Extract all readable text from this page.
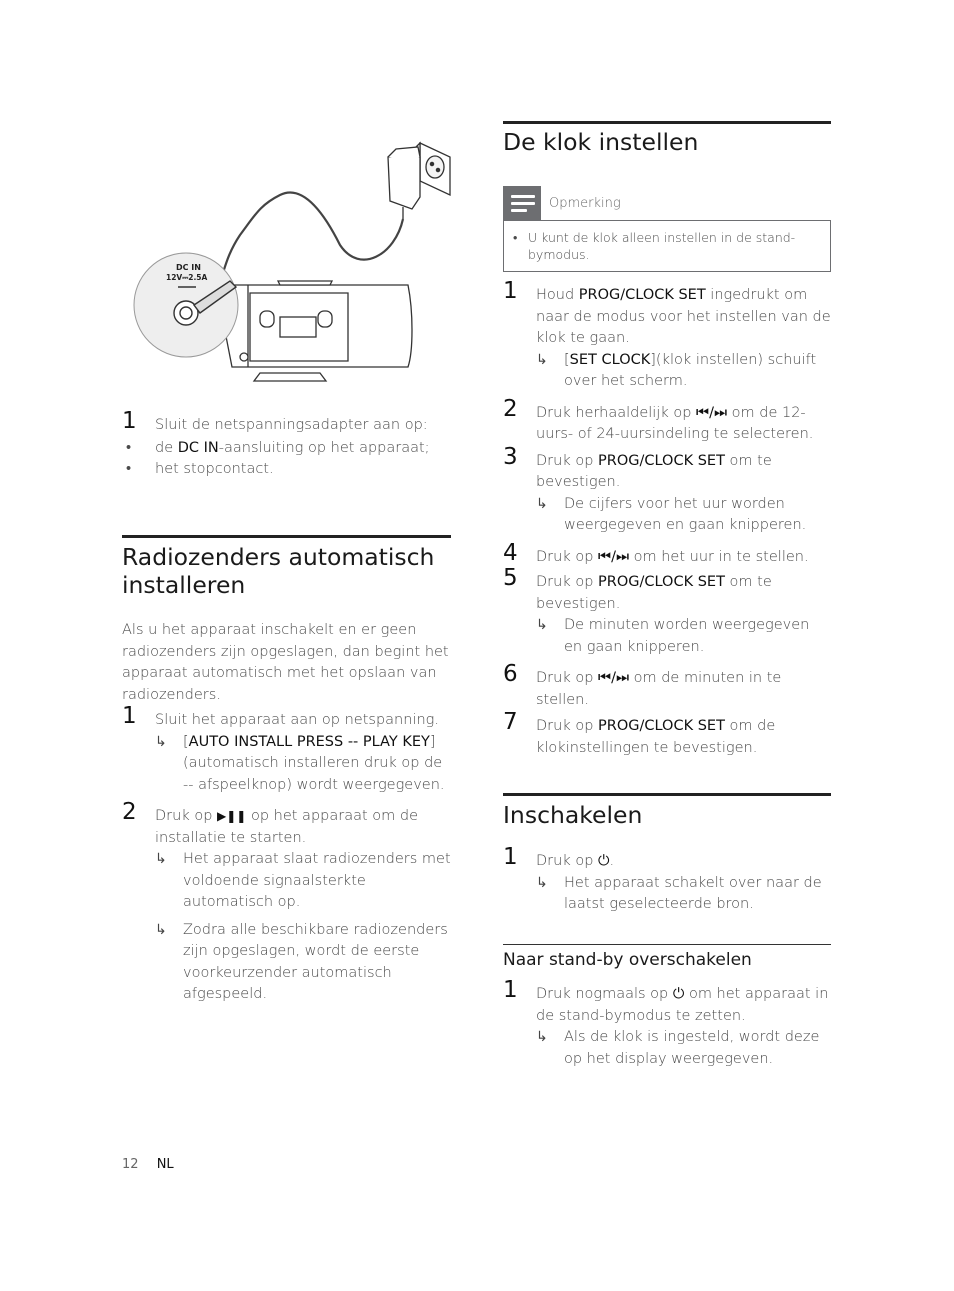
DC IN
12V⎓2.5A
1 Sluit de netspanningsadapter aan op:
• de DC IN-aansluiting op het apparaat;
• het stopcontact.
Radiozenders automatisch installeren
Als u het apparaat inschakelt en er geen radiozenders zijn opgeslagen, dan begint het apparaat automatisch met het opslaan van radiozenders.
1 Sluit het apparaat aan op netspanning.
↳ [AUTO INSTALL PRESS -- PLAY KEY] (automatisch installeren druk op de -- afspeelknop) wordt weergegeven.
2 Druk op ▶❚❚ op het apparaat om de installatie te starten.
↳ Het apparaat slaat radiozenders met voldoende signaalsterkte automatisch op.
↳ Zodra alle beschikbare radiozenders zijn opgeslagen, wordt de eerste voorkeurzender automatisch afgespeeld.
De klok instellen
Opmerking
• U kunt de klok alleen instellen in de stand-bymodus.
1 Houd PROG/CLOCK SET ingedrukt om naar de modus voor het instellen van de klok te gaan.
↳ [SET CLOCK](klok instellen) schuift over het scherm.
2 Druk herhaaldelijk op ⏮/⏭ om de 12-uurs- of 24-uursindeling te selecteren.
3 Druk op PROG/CLOCK SET om te bevestigen.
↳ De cijfers voor het uur worden weergegeven en gaan knipperen.
4 Druk op ⏮/⏭ om het uur in te stellen.
5 Druk op PROG/CLOCK SET om te bevestigen.
↳ De minuten worden weergegeven en gaan knipperen.
6 Druk op ⏮/⏭ om de minuten in te stellen.
7 Druk op PROG/CLOCK SET om de klokinstellingen te bevestigen.
Inschakelen
1 Druk op ⏻.
↳ Het apparaat schakelt over naar de laatst geselecteerde bron.
Naar stand-by overschakelen
1 Druk nogmaals op ⏻ om het apparaat in de stand-bymodus te zetten.
↳ Als de klok is ingesteld, wordt deze op het display weergegeven.
12 NL
